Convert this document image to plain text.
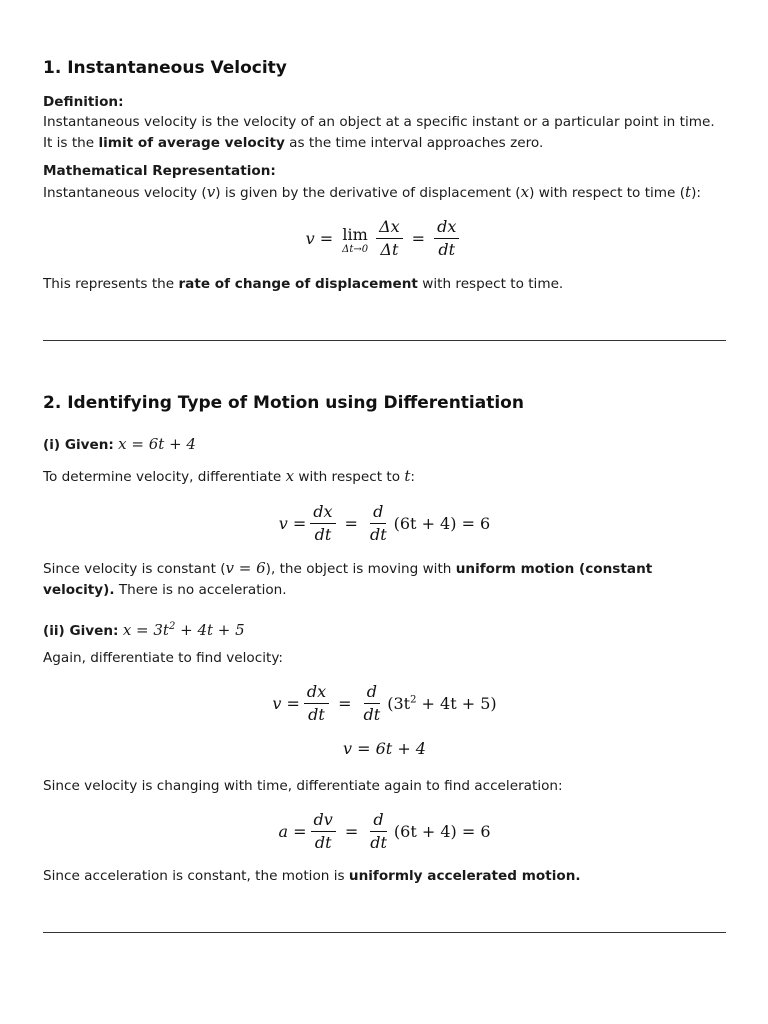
1. Instantaneous Velocity

Definition:

Instantaneous velocity is the velocity of an object at a specific instant or a particular point in time. It is the limit of average velocity as the time interval approaches zero.

Mathematical Representation:

Instantaneous velocity (v) is given by the derivative of displacement (x) with respect to time (t):

v = lim
$\Delta t\to 0 \frac{\Delta x}{\Delta t} = \frac{dx}{dt}$

This represents the rate of change of displacement with respect to time.

2. Identifying Type of Motion using Differentiation

(i) Given: x = 6t + 4

To determine velocity, differentiate x with respect to t:

$v = \frac{dx}{dt} = \frac{d}{dt} (6t + 4) = 6$

Since velocity is constant (v = 6), the object is moving with uniform motion (constant velocity). There is no acceleration.

(ii) Given: $x = 3t^2 + 4t + 5$

Again, differentiate to find velocity:

$v = \frac{dx}{dt} = \frac{d}{dt} (3t^2 + 4t + 5)$
v = 6t + 4

Since velocity is changing with time, differentiate again to find acceleration:

$a = \frac{dv}{dt} = \frac{d}{dt} (6t + 4) = 6$

Since acceleration is constant, the motion is uniformly accelerated motion.
